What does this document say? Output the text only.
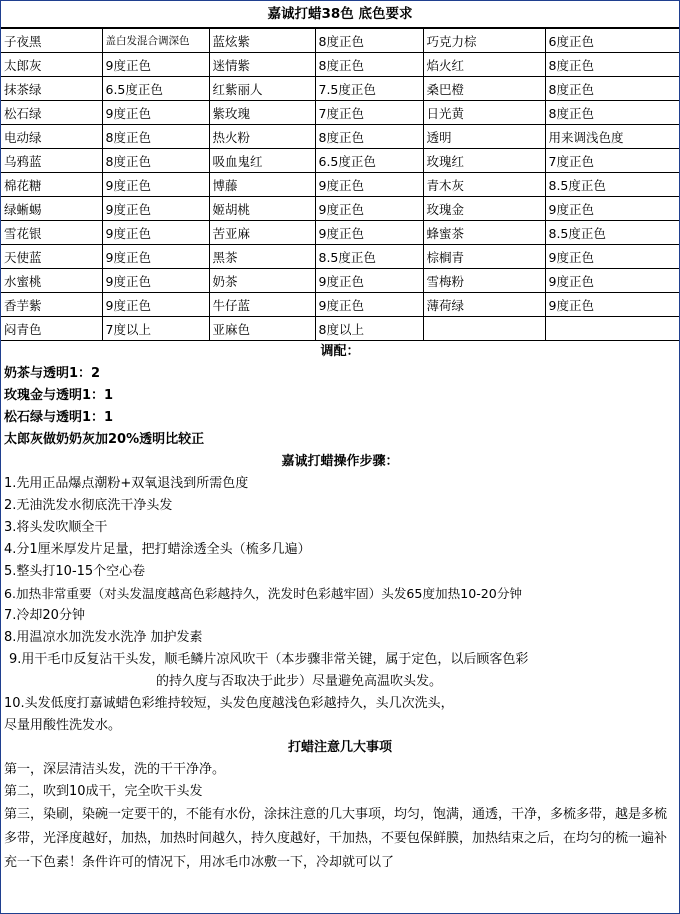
嘉诚打蜡38色 底色要求
子夜黑	盖白发混合调深色	蓝炫紫	8度正色	巧克力棕	6度正色
太郎灰	9度正色	迷情紫	8度正色	焰火红	8度正色
抹茶绿	6.5度正色	红紫丽人	7.5度正色	桑巴橙	8度正色
松石绿	9度正色	紫玫瑰	7度正色	日光黄	8度正色
电动绿	8度正色	热火粉	8度正色	透明	用来调浅色度
乌鸦蓝	8度正色	吸血鬼红	6.5度正色	玫瑰红	7度正色
棉花糖	9度正色	博藤	9度正色	青木灰	8.5度正色
绿蜥蜴	9度正色	姬胡桃	9度正色	玫瑰金	9度正色
雪花银	9度正色	苦亚麻	9度正色	蜂蜜茶	8.5度正色
天使蓝	9度正色	黑茶	8.5度正色	棕榈青	9度正色
水蜜桃	9度正色	奶茶	9度正色	雪梅粉	9度正色
香芋紫	9度正色	牛仔蓝	9度正色	薄荷绿	9度正色
闷青色	7度以上	亚麻色	8度以上		
调配：
奶茶与透明1：2
玫瑰金与透明1：1
松石绿与透明1：1
太郎灰做奶奶灰加20%透明比较正
嘉诚打蜡操作步骤：
1.先用正品爆点潮粉+双氧退浅到所需色度
2.无油洗发水彻底洗干净头发
3.将头发吹顺全干
4.分1厘米厚发片足量，把打蜡涂透全头（梳多几遍）
5.整头打10-15个空心卷
6.加热非常重要（对头发温度越高色彩越持久，洗发时色彩越牢固）头发65度加热10-20分钟
7.冷却20分钟
8.用温凉水加洗发水洗净 加护发素
9.用干毛巾反复沾干头发，顺毛鳞片凉风吹干（本步骤非常关键，属于定色，以后顾客色彩
的持久度与否取决于此步）尽量避免高温吹头发。
10.头发低度打嘉诚蜡色彩维持较短，头发色度越浅色彩越持久，头几次洗头，
尽量用酸性洗发水。
打蜡注意几大事项
第一，深层清洁头发，洗的干干净净。
第二，吹到10成干，完全吹干头发
第三，染刷，染碗一定要干的，不能有水份，涂抹注意的几大事项，均匀，饱满，通透，干净，多梳多带，越是多梳多带，光泽度越好，加热，加热时间越久，持久度越好，干加热，不要包保鲜膜，加热结束之后，在均匀的梳一遍补充一下色素！条件许可的情况下，用冰毛巾冰敷一下，冷却就可以了
